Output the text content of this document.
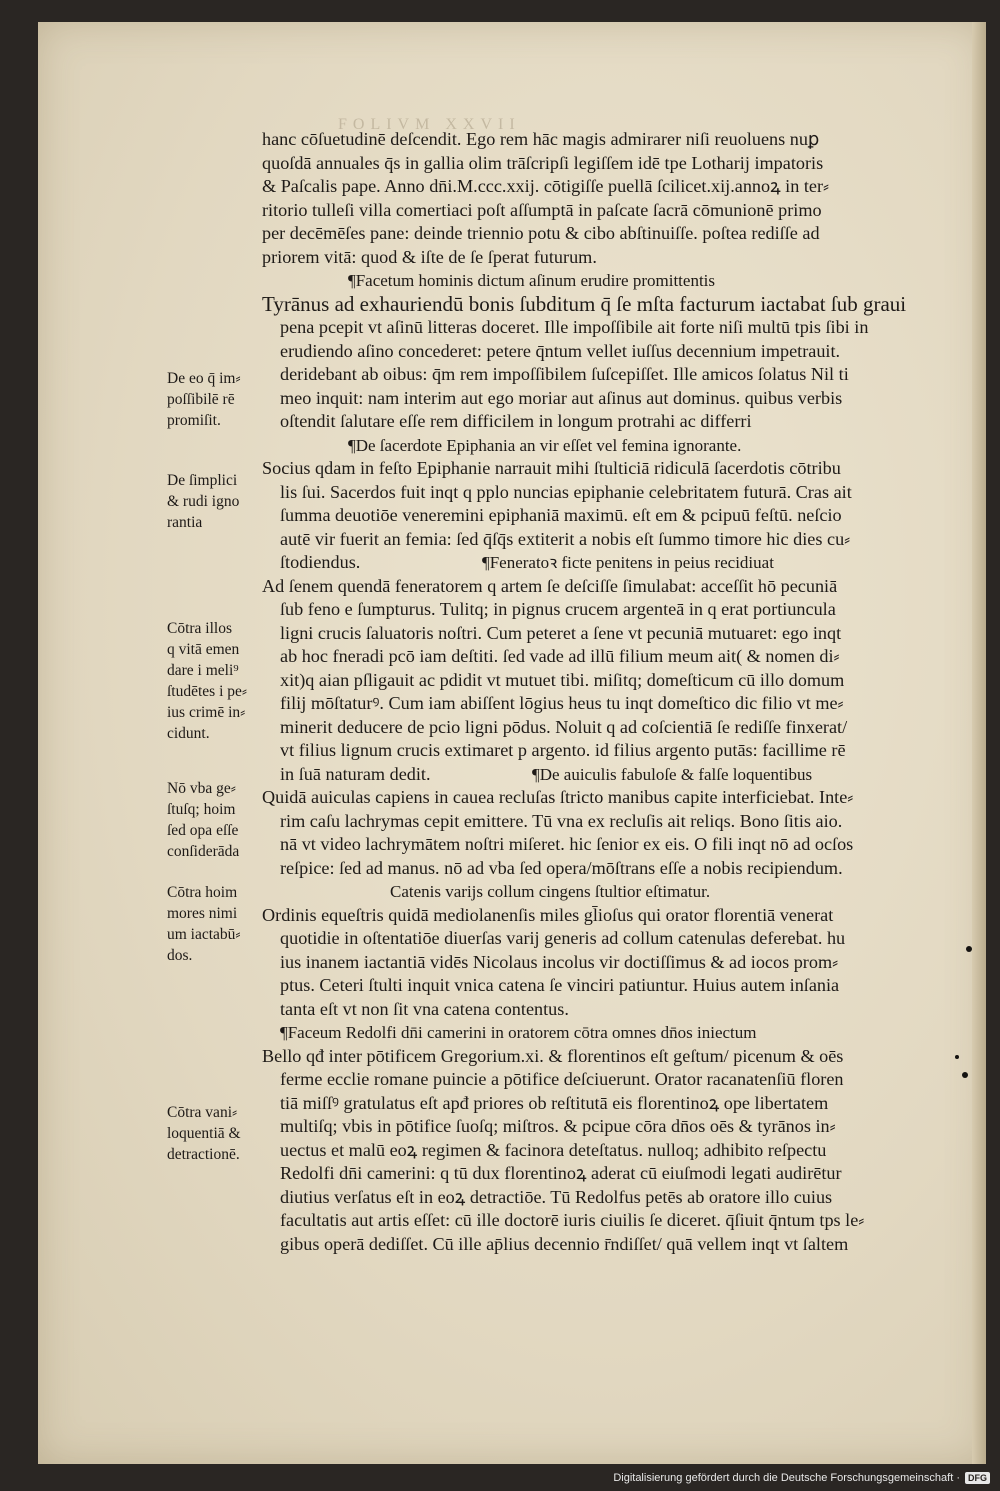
FOLIVM XXVII
hanc cōſuetudinē deſcendit. Ego rem hāc magis admirarer niſi reuoluens nuꝑ
quoſdā annuales q̄s in gallia olim trāſcripſi legiſſem idē tpe Lotharij impatoris
& Paſcalis pape. Anno dn̄i.M.ccc.xxij. cōtigiſſe puellā ſcilicet.xij.annoꝝ in ter⸗
ritorio tulleſi villa comertiaci poſt aſſumptā in paſcate ſacrā cōmunionē primo
per decēmēſes pane: deinde triennio potu & cibo abſtinuiſſe. poſtea rediſſe ad
priorem vitā: quod & iſte de ſe ſperat futurum.
¶Facetum hominis dictum aſinum erudire promittentis
Tyrānus ad exhauriendū bonis ſubditum q̄ ſe mſta facturum iactabat ſub graui
pena pcepit vt aſinū litteras doceret. Ille impoſſibile ait forte niſi multū tpis ſibi in
erudiendo aſino concederet: petere q̄ntum vellet iuſſus decennium impetrauit.
deridebant ab oibus: q̄m rem impoſſibilem ſuſcepiſſet. Ille amicos ſolatus Nil ti
meo inquit: nam interim aut ego moriar aut aſinus aut dominus. quibus verbis
oſtendit ſalutare eſſe rem difficilem in longum protrahi ac differri
¶De ſacerdote Epiphania an vir eſſet vel femina ignorante.
Socius qdam in feſto Epiphanie narrauit mihi ſtulticiā ridiculā ſacerdotis cōtribu
lis ſui. Sacerdos fuit inqt q pplo nuncias epiphanie celebritatem futurā. Cras ait
ſumma deuotiōe veneremini epiphaniā maximū. eſt em & pcipuū feſtū. neſcio
autē vir fuerit an femia: ſed q̄ſq̄s extiterit a nobis eſt ſummo timore hic dies cu⸗
ſtodiendus.	¶Feneratoꝛ ficte penitens in peius recidiuat
Ad ſenem quendā feneratorem q artem ſe deſciſſe ſimulabat: acceſſit hō pecuniā
ſub feno e ſumpturus. Tulitq; in pignus crucem argenteā in q erat portiuncula
ligni crucis ſaluatoris noſtri. Cum peteret a ſene vt pecuniā mutuaret: ego inqt
ab hoc fneradi pcō iam deſtiti. ſed vade ad illū filium meum ait( & nomen di⸗
xit)q aian pſligauit ac pdidit vt mutuet tibi. miſitq; domeſticum cū illo domum
filij mōſtaturꝰ. Cum iam abiſſent lōgius heus tu inqt domeſtico dic filio vt me⸗
minerit deducere de pcio ligni pōdus. Noluit q ad coſcientiā ſe rediſſe finxerat/
vt filius lignum crucis extimaret p argento. id filius argento putās: facillime rē
in ſuā naturam dedit.	¶De auiculis fabuloſe & falſe loquentibus
Quidā auiculas capiens in cauea recluſas ſtricto manibus capite interficiebat. Inte⸗
rim caſu lachrymas cepit emittere. Tū vna ex recluſis ait reliqs. Bono ſitis aio.
nā vt video lachrymātem noſtri miſeret. hic ſenior ex eis. O fili inqt nō ad ocſos
reſpice: ſed ad manus. nō ad vba ſed opera/mōſtrans eſſe a nobis recipiendum.
Catenis varijs collum cingens ſtultior eſtimatur.
Ordinis equeſtris quidā mediolanenſis miles gl̄ioſus qui orator florentiā venerat
quotidie in oſtentatiōe diuerſas varij generis ad collum catenulas deferebat. hu
ius inanem iactantiā vidēs Nicolaus incolus vir doctiſſimus & ad iocos prom⸗
ptus. Ceteri ſtulti inquit vnica catena ſe vinciri patiuntur. Huius autem inſania
tanta eſt vt non ſit vna catena contentus.
¶Faceum Redolfi dn̄i camerini in oratorem cōtra omnes dn̄os iniectum
Bello qđ inter pōtificem Gregorium.xi. & florentinos eſt geſtum/ picenum & oēs
ferme ecclie romane puincie a pōtifice deſciuerunt. Orator racanatenſiū floren
tiā miſſꝰ gratulatus eſt apđ priores ob reſtitutā eis florentinoꝝ ope libertatem
multiſq; vbis in pōtifice ſuoſq; miſtros. & pcipue cōra dn̄os oēs & tyrānos in⸗
uectus et malū eoꝝ regimen & facinora deteſtatus. nulloq; adhibito reſpectu
Redolfi dn̄i camerini: q tū dux florentinoꝝ aderat cū eiuſmodi legati audirētur
diutius verſatus eſt in eoꝝ detractiōe. Tū Redolfus petēs ab oratore illo cuius
facultatis aut artis eſſet: cū ille doctorē iuris ciuilis ſe diceret. q̄ſiuit q̄ntum tps le⸗
gibus operā dediſſet. Cū ille ap̄lius decennio r̄ndiſſet/ quā vellem inqt vt ſaltem
De eo q̄ im⸗
poſſibilē rē
promiſit.
De ſimplici
& rudi igno
rantia
Cōtra illos
q vitā emen
dare i meli⁹
ſtudētes i pe⸗
ius crimē in⸗
cidunt.
Nō vba ge⸗
ſtuſq; hoim
ſed opa eſſe
conſiderāda
Cōtra hoim
mores nimi
um iactabū⸗
dos.
Cōtra vani⸗
loquentiā &
detractionē.
Digitalisierung gefördert durch die Deutsche Forschungsgemeinschaft · DFG
